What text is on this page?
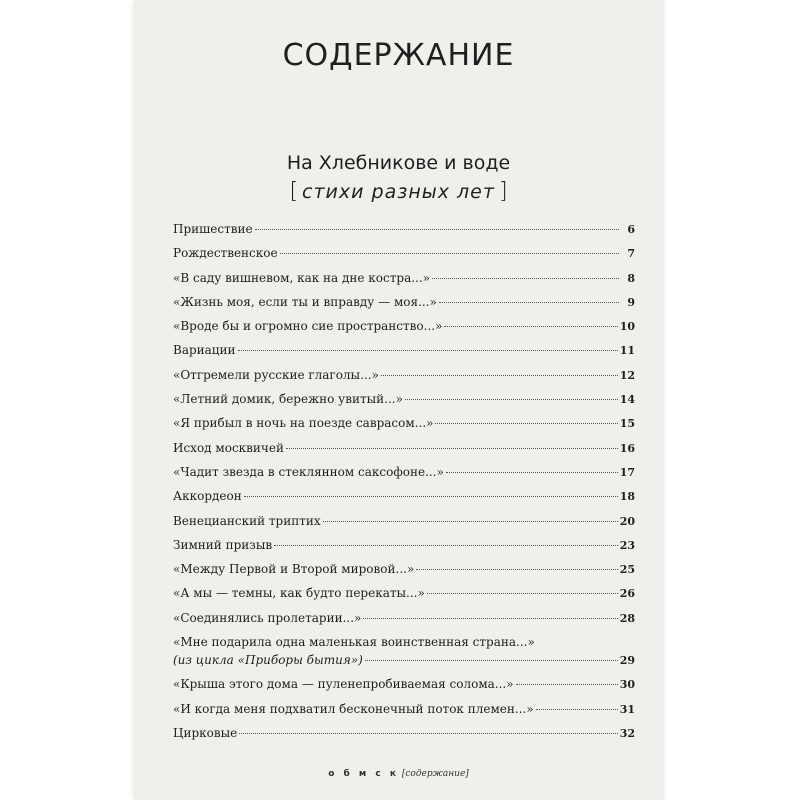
СОДЕРЖАНИЕ
На Хлебникове и воде
[ стихи разных лет ]
Пришествие	6
Рождественское	7
«В саду вишневом, как на дне костра...»	8
«Жизнь моя, если ты и вправду — моя...»	9
«Вроде бы и огромно сие пространство...»	10
Вариации	11
«Отгремели русские глаголы...»	12
«Летний домик, бережно увитый...»	14
«Я прибыл в ночь на поезде саврасом...»	15
Исход москвичей	16
«Чадит звезда в стеклянном саксофоне...»	17
Аккордеон	18
Венецианский триптих	20
Зимний призыв	23
«Между Первой и Второй мировой...»	25
«А мы — темны, как будто перекаты...»	26
«Соединялись пролетарии...»	28
«Мне подарила одна маленькая воинственная страна...»
(из цикла «Приборы бытия»)	29
«Крыша этого дома — пуленепробиваемая солома...»	30
«И когда меня подхватил бесконечный поток племен...»	31
Цирковые	32
о б м с к [содержание]
